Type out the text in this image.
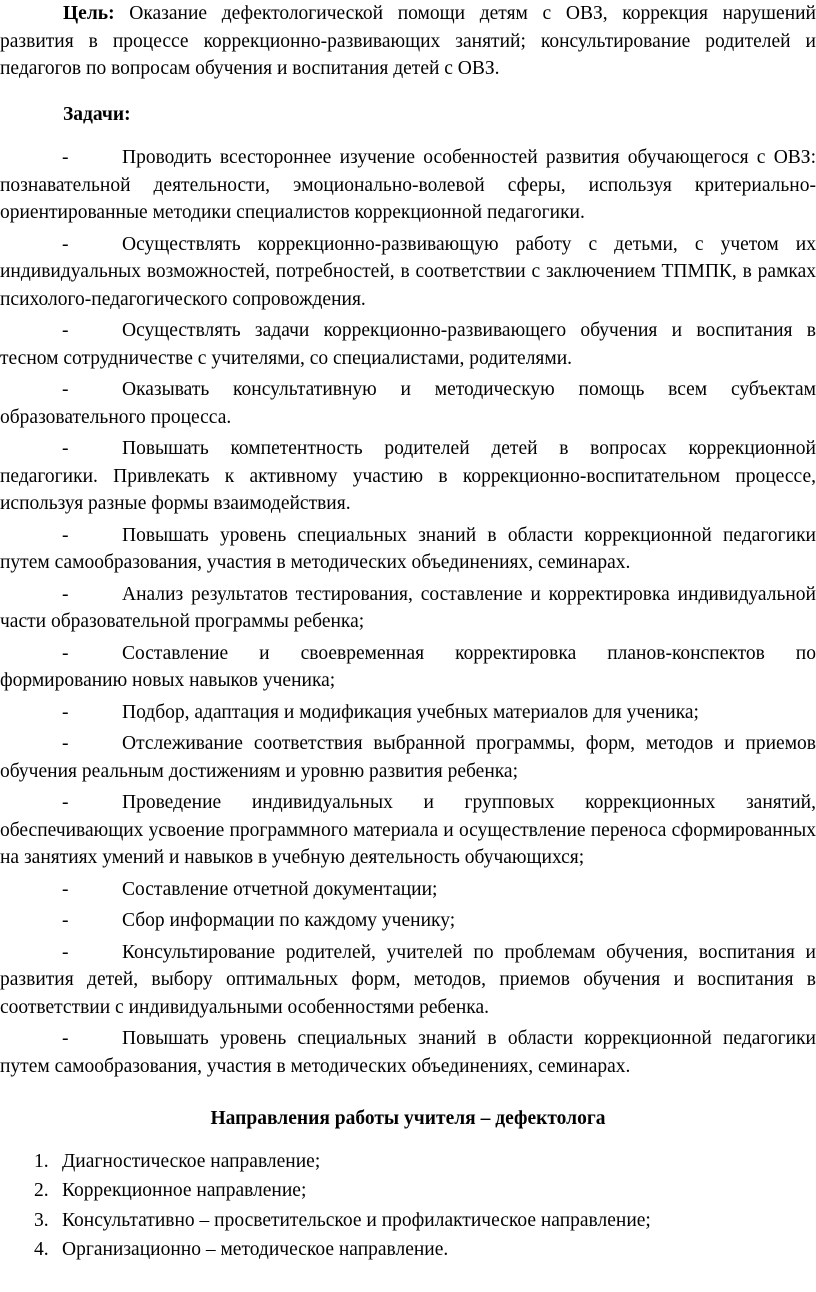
Цель: Оказание дефектологической помощи детям с ОВЗ, коррекция нарушений развития в процессе коррекционно-развивающих занятий; консультирование родителей и педагогов по вопросам обучения и воспитания детей с ОВЗ.

Задачи:

-	Проводить всестороннее изучение особенностей развития обучающегося с ОВЗ: познавательной деятельности, эмоционально-волевой сферы, используя критериально-ориентированные методики специалистов коррекционной педагогики.
-	Осуществлять коррекционно-развивающую работу с детьми, с учетом их индивидуальных возможностей, потребностей, в соответствии с заключением ТПМПК, в рамках психолого-педагогического сопровождения.
-	Осуществлять задачи коррекционно-развивающего обучения и воспитания в тесном сотрудничестве с учителями, со специалистами, родителями.
-	Оказывать консультативную и методическую помощь всем субъектам образовательного процесса.
-	Повышать компетентность родителей детей в вопросах коррекционной педагогики. Привлекать к активному участию в коррекционно-воспитательном процессе, используя разные формы взаимодействия.
-	Повышать уровень специальных знаний в области коррекционной педагогики путем самообразования, участия в методических объединениях, семинарах.
-	Анализ результатов тестирования, составление и корректировка индивидуальной части образовательной программы ребенка;
-	Составление и своевременная корректировка планов-конспектов по формированию новых навыков ученика;
-	Подбор, адаптация и модификация учебных материалов для ученика;
-	Отслеживание соответствия выбранной программы, форм, методов и приемов обучения реальным достижениям и уровню развития ребенка;
-	Проведение индивидуальных и групповых коррекционных занятий, обеспечивающих усвоение программного материала и осуществление переноса сформированных на занятиях умений и навыков в учебную деятельность обучающихся;
-	Составление отчетной документации;
-	Сбор информации по каждому ученику;
-	Консультирование родителей, учителей по проблемам обучения, воспитания и развития детей, выбору оптимальных форм, методов, приемов обучения и воспитания в соответствии с индивидуальными особенностями ребенка.
-	Повышать уровень специальных знаний в области коррекционной педагогики путем самообразования, участия в методических объединениях, семинарах.

Направления работы учителя – дефектолога

1. Диагностическое направление;
2. Коррекционное направление;
3. Консультативно – просветительское и профилактическое направление;
4. Организационно – методическое направление.
